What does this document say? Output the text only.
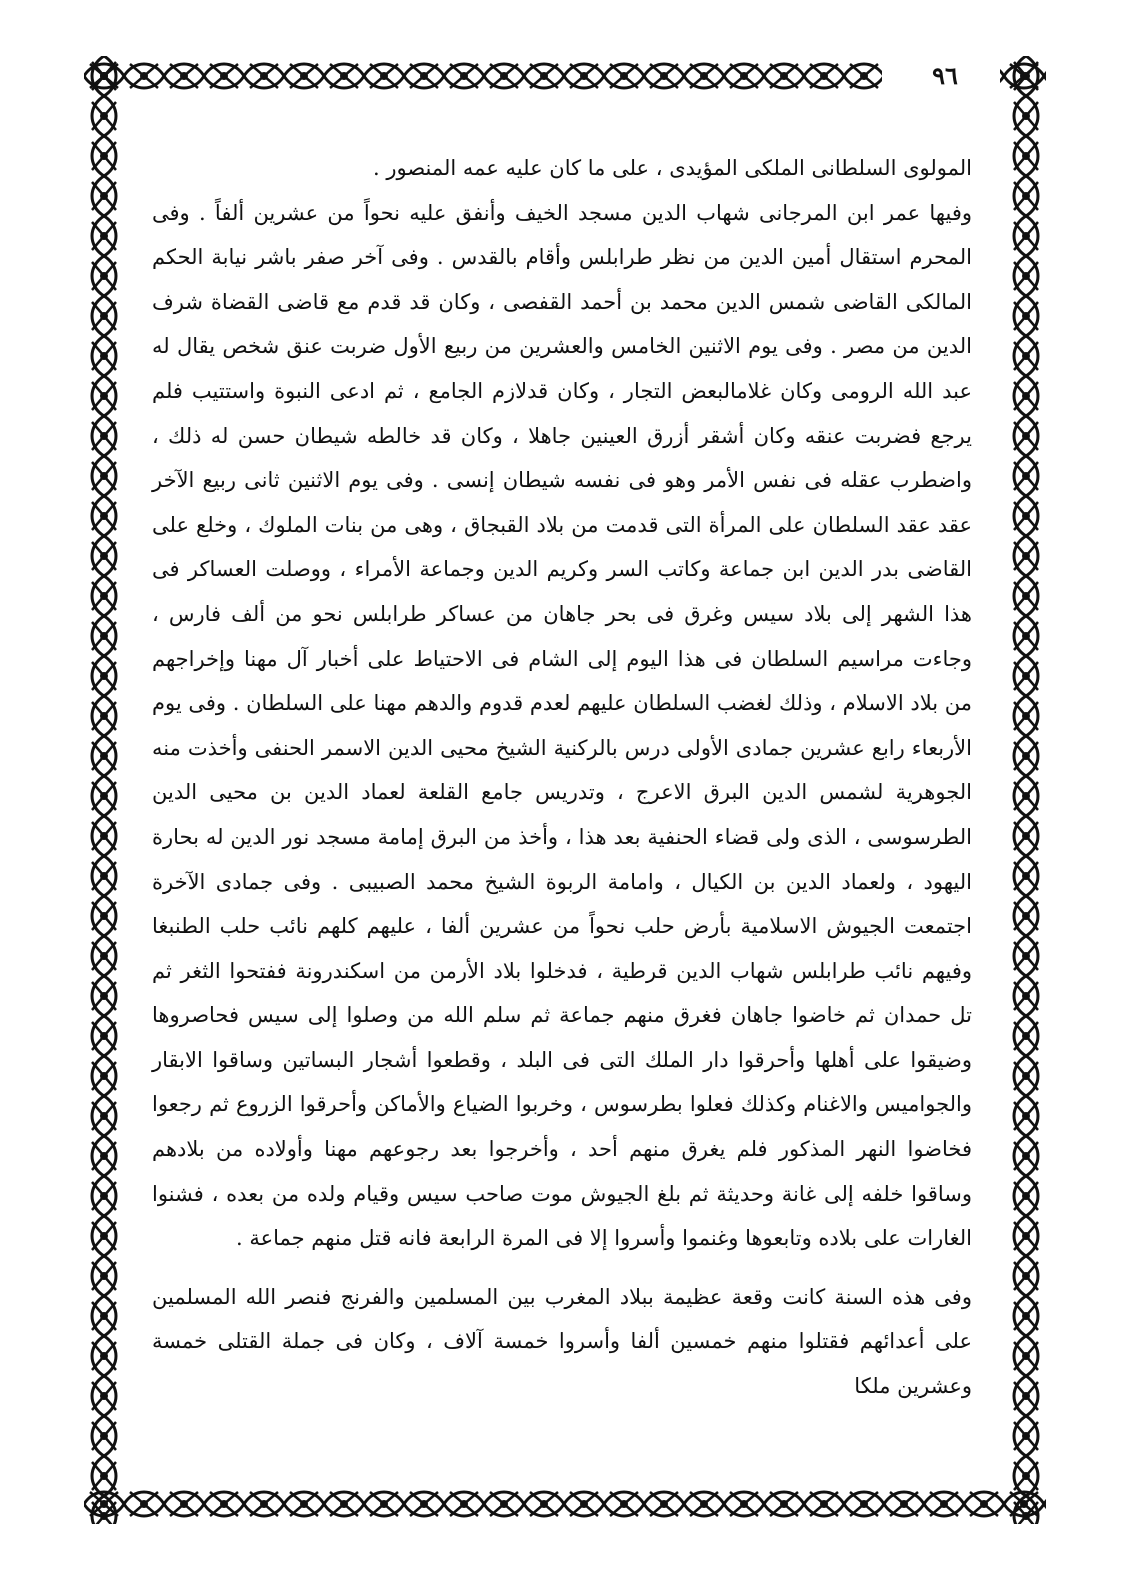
٩٦

المولوى السلطانى الملكى المؤيدى ، على ما كان عليه عمه المنصور .

وفيها عمر ابن المرجانى شهاب الدين مسجد الخيف وأنفق عليه نحواً من عشرين ألفاً . وفى المحرم استقال أمين الدين من نظر طرابلس وأقام بالقدس . وفى آخر صفر باشر نيابة الحكم المالكى القاضى شمس الدين محمد بن أحمد القفصى ، وكان قد قدم مع قاضى القضاة شرف الدين من مصر . وفى يوم الاثنين الخامس والعشرين من ربيع الأول ضربت عنق شخص يقال له عبد الله الرومى وكان غلامالبعض التجار ، وكان قدلازم الجامع ، ثم ادعى النبوة واستتيب فلم يرجع فضربت عنقه وكان أشقر أزرق العينين جاهلا ، وكان قد خالطه شيطان حسن له ذلك ، واضطرب عقله فى نفس الأمر وهو فى نفسه شيطان إنسى . وفى يوم الاثنين ثانى ربيع الآخر عقد عقد السلطان على المرأة التى قدمت من بلاد القبجاق ، وهى من بنات الملوك ، وخلع على القاضى بدر الدين ابن جماعة وكاتب السر وكريم الدين وجماعة الأمراء ، ووصلت العساكر فى هذا الشهر إلى بلاد سيس وغرق فى بحر جاهان من عساكر طرابلس نحو من ألف فارس ، وجاءت مراسيم السلطان فى هذا اليوم إلى الشام فى الاحتياط على أخبار آل مهنا وإخراجهم من بلاد الاسلام ، وذلك لغضب السلطان عليهم لعدم قدوم والدهم مهنا على السلطان . وفى يوم الأربعاء رابع عشرين جمادى الأولى درس بالركنية الشيخ محيى الدين الاسمر الحنفى وأخذت منه الجوهرية لشمس الدين البرق الاعرج ، وتدريس جامع القلعة لعماد الدين بن محيى الدين الطرسوسى ، الذى ولى قضاء الحنفية بعد هذا ، وأخذ من البرق إمامة مسجد نور الدين له بحارة اليهود ، ولعماد الدين بن الكيال ، وامامة الربوة الشيخ محمد الصبيبى . وفى جمادى الآخرة اجتمعت الجيوش الاسلامية بأرض حلب نحواً من عشرين ألفا ، عليهم كلهم نائب حلب الطنبغا وفيهم نائب طرابلس شهاب الدين قرطية ، فدخلوا بلاد الأرمن من اسكندرونة ففتحوا الثغر ثم تل حمدان ثم خاضوا جاهان فغرق منهم جماعة ثم سلم الله من وصلوا إلى سيس فحاصروها وضيقوا على أهلها وأحرقوا دار الملك التى فى البلد ، وقطعوا أشجار البساتين وساقوا الابقار والجواميس والاغنام وكذلك فعلوا بطرسوس ، وخربوا الضياع والأماكن وأحرقوا الزروع ثم رجعوا فخاضوا النهر المذكور فلم يغرق منهم أحد ، وأخرجوا بعد رجوعهم مهنا وأولاده من بلادهم وساقوا خلفه إلى غانة وحديثة ثم بلغ الجيوش موت صاحب سيس وقيام ولده من بعده ، فشنوا الغارات على بلاده وتابعوها وغنموا وأسروا إلا فى المرة الرابعة فانه قتل منهم جماعة .

وفى هذه السنة كانت وقعة عظيمة ببلاد المغرب بين المسلمين والفرنج فنصر الله المسلمين على أعدائهم فقتلوا منهم خمسين ألفا وأسروا خمسة آلاف ، وكان فى جملة القتلى خمسة وعشرين ملكا
